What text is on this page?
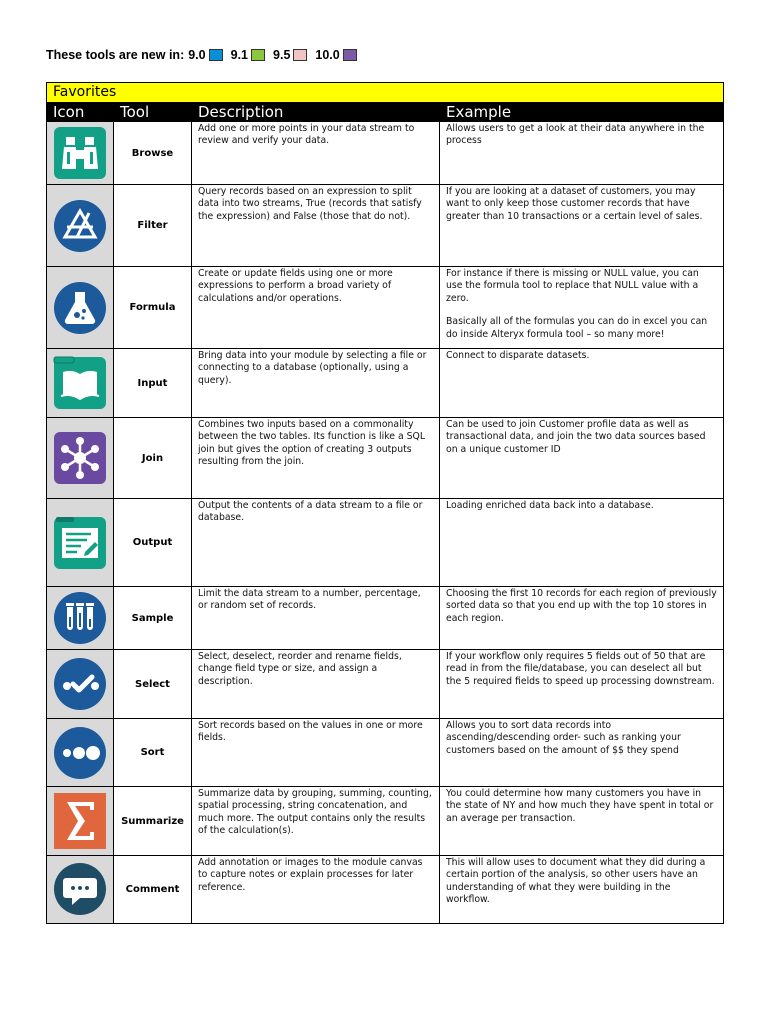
These tools are new in: 9.0 9.1 9.5 10.0
Favorites			
Icon	Tool	Description	Example

	Browse	Add one or more points in your data stream to review and verify your data.	Allows users to get a look at their data anywhere in the process

	Filter	Query records based on an expression to split data into two streams, True (records that satisfy the expression) and False (those that do not).	If you are looking at a dataset of customers, you may want to only keep those customer records that have greater than 10 transactions or a certain level of sales.

	Formula	Create or update fields using one or more expressions to perform a broad variety of calculations and/or operations.	For instance if there is missing or NULL value, you can use the formula tool to replace that NULL value with a zero.
Basically all of the formulas you can do in excel you can do inside Alteryx formula tool – so many more!

	Input	Bring data into your module by selecting a file or connecting to a database (optionally, using a query).	Connect to disparate datasets.

	Join	Combines two inputs based on a commonality between the two tables. Its function is like a SQL join but gives the option of creating 3 outputs resulting from the join.	Can be used to join Customer profile data as well as transactional data, and join the two data sources based on a unique customer ID

	Output	Output the contents of a data stream to a file or database.	Loading enriched data back into a database.

	Sample	Limit the data stream to a number, percentage, or random set of records.	Choosing the first 10 records for each region of previously sorted data so that you end up with the top 10 stores in each region.

	Select	Select, deselect, reorder and rename fields, change field type or size, and assign a description.	If your workflow only requires 5 fields out of 50 that are read in from the file/database, you can deselect all but the 5 required fields to speed up processing downstream.

	Sort	Sort records based on the values in one or more fields.	Allows you to sort data records into ascending/descending order- such as ranking your customers based on the amount of $$ they spend

	Summarize	Summarize data by grouping, summing, counting, spatial processing, string concatenation, and much more. The output contains only the results of the calculation(s).	You could determine how many customers you have in the state of NY and how much they have spent in total or an average per transaction.

	Comment	Add annotation or images to the module canvas to capture notes or explain processes for later reference.	This will allow uses to document what they did during a certain portion of the analysis, so other users have an understanding of what they were building in the workflow.
